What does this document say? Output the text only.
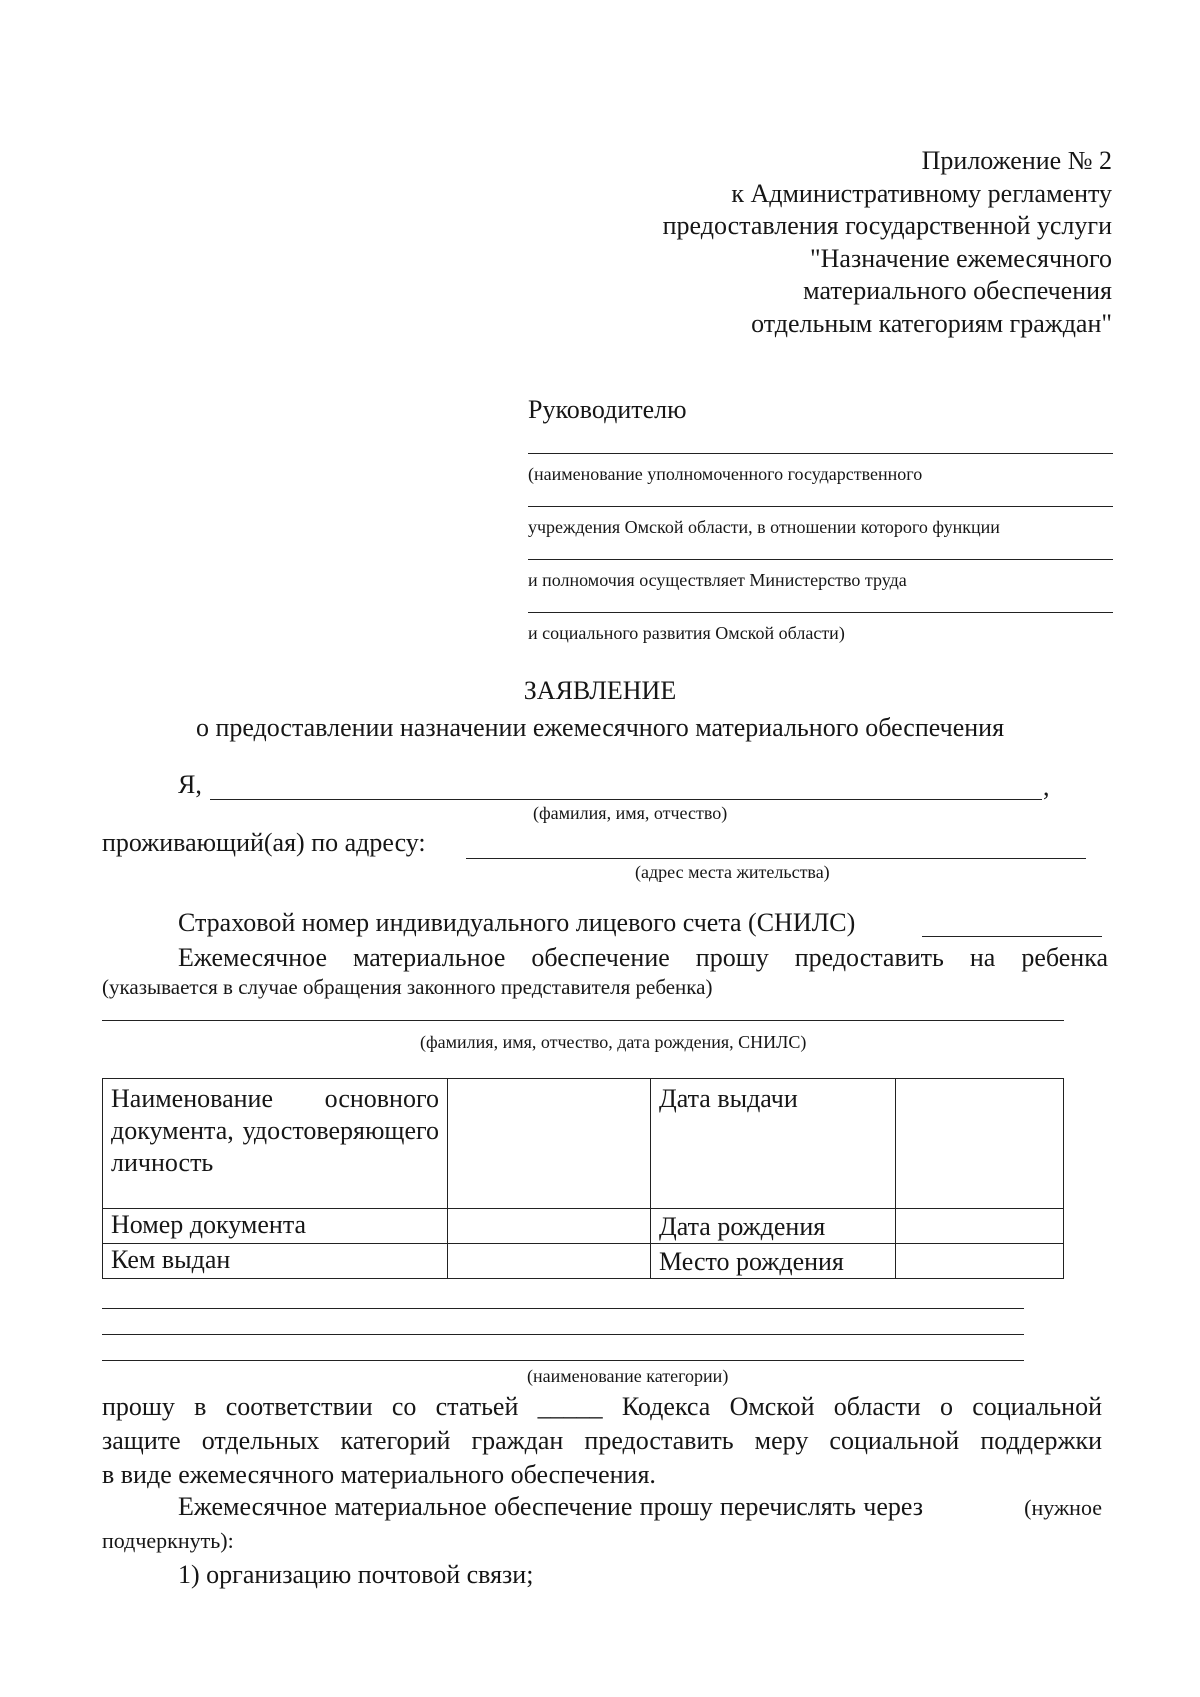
Приложение № 2
к Административному регламенту
предоставления государственной услуги
"Назначение ежемесячного
материального обеспечения
отдельным категориям граждан"
Руководителю
(наименование уполномоченного государственного
учреждения Омской области, в отношении которого функции
и полномочия осуществляет Министерство труда
и социального развития Омской области)
ЗАЯВЛЕНИЕ
о предоставлении назначении ежемесячного материального обеспечения
Я,	,
(фамилия, имя, отчество)
проживающий(ая) по адресу:
(адрес места жительства)
Страховой номер индивидуального лицевого счета (СНИЛС)
Ежемесячное материальное обеспечение прошу предоставить на ребенка
(указывается в случае обращения законного представителя ребенка)
(фамилия, имя, отчество, дата рождения, СНИЛС)
Наименование основного документа, удостоверяющего личность		Дата выдачи	
Номер документа		Дата рождения	
Кем выдан		Место рождения	
(наименование категории)
прошу в соответствии со статьей _____ Кодекса Омской области о социальной
защите отдельных категорий граждан предоставить меру социальной поддержки
в виде ежемесячного материального обеспечения.
Ежемесячное материальное обеспечение прошу перечислять через	(нужное
подчеркнуть):
1) организацию почтовой связи;
